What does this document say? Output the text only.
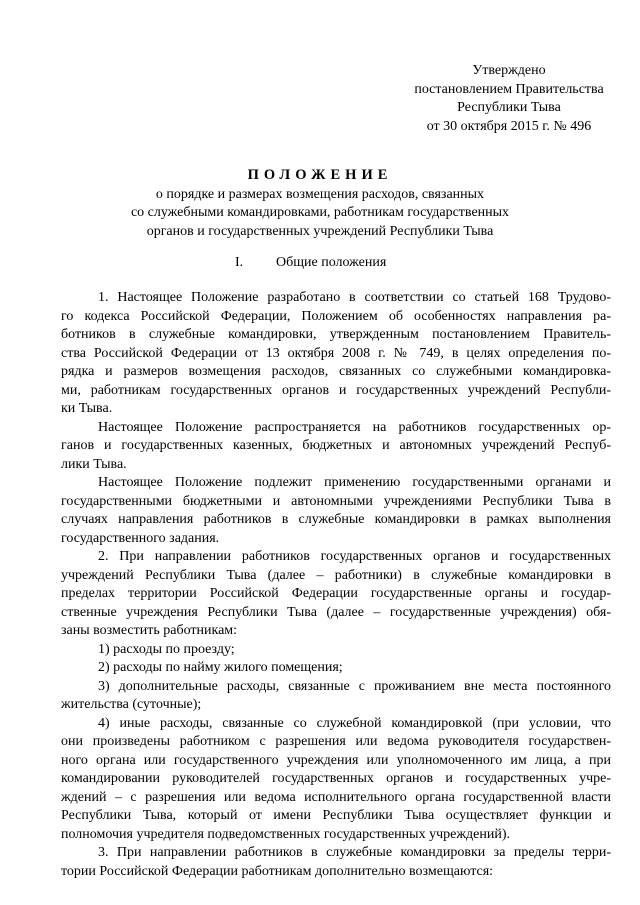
Утверждено
постановлением Правительства
Республики Тыва
от 30 октября 2015 г. № 496
ПОЛОЖЕНИЕ
о порядке и размерах возмещения расходов, связанных
со служебными командировками, работникам государственных
органов и государственных учреждений Республики Тыва
I. Общие положения
1. Настоящее Положение разработано в соответствии со статьей 168 Трудово-
го кодекса Российской Федерации, Положением об особенностях направления ра-
ботников в служебные командировки, утвержденным постановлением Правитель-
ства Российской Федерации от 13 октября 2008 г. № 749, в целях определения по-
рядка и размеров возмещения расходов, связанных со служебными командировка-
ми, работникам государственных органов и государственных учреждений Республи-
ки Тыва.
Настоящее Положение распространяется на работников государственных ор-
ганов и государственных казенных, бюджетных и автономных учреждений Респуб-
лики Тыва.
Настоящее Положение подлежит применению государственными органами и
государственными бюджетными и автономными учреждениями Республики Тыва в
случаях направления работников в служебные командировки в рамках выполнения
государственного задания.
2. При направлении работников государственных органов и государственных
учреждений Республики Тыва (далее – работники) в служебные командировки в
пределах территории Российской Федерации государственные органы и государ-
ственные учреждения Республики Тыва (далее – государственные учреждения) обя-
заны возместить работникам:
1) расходы по проезду;
2) расходы по найму жилого помещения;
3) дополнительные расходы, связанные с проживанием вне места постоянного
жительства (суточные);
4) иные расходы, связанные со служебной командировкой (при условии, что
они произведены работником с разрешения или ведома руководителя государствен-
ного органа или государственного учреждения или уполномоченного им лица, а при
командировании руководителей государственных органов и государственных учре-
ждений – с разрешения или ведома исполнительного органа государственной власти
Республики Тыва, который от имени Республики Тыва осуществляет функции и
полномочия учредителя подведомственных государственных учреждений).
3. При направлении работников в служебные командировки за пределы терри-
тории Российской Федерации работникам дополнительно возмещаются:
